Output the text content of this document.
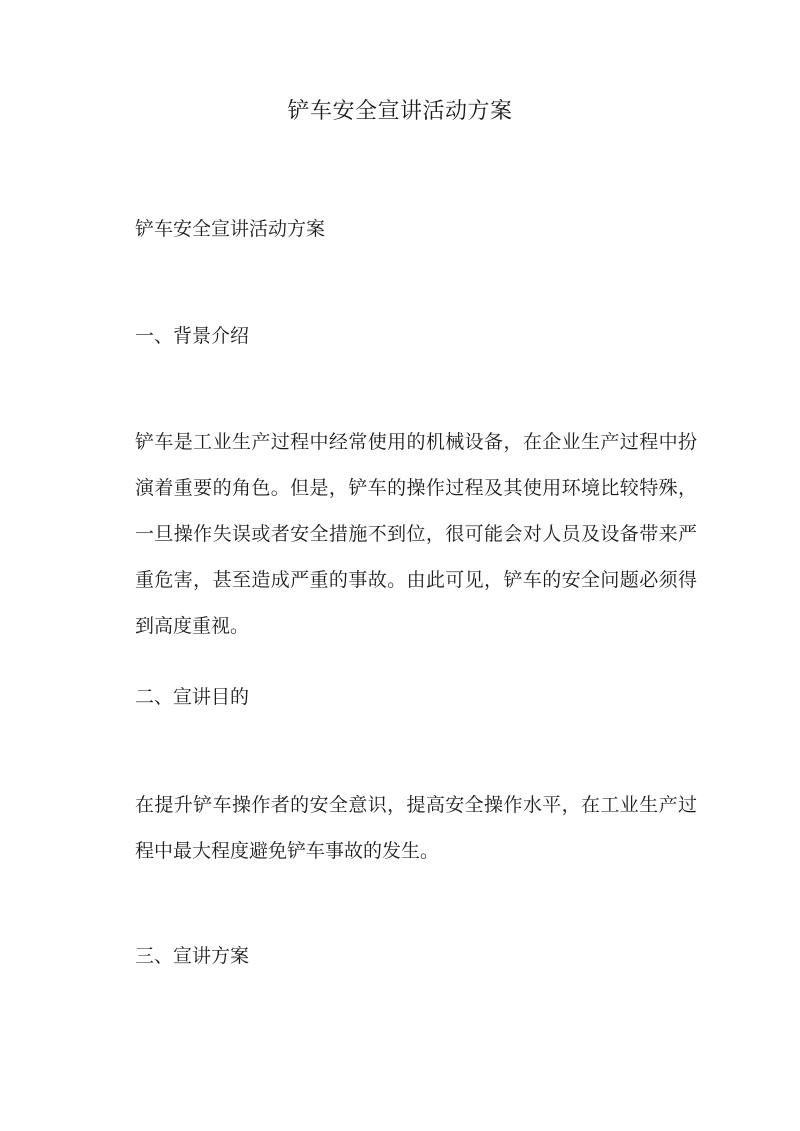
铲车安全宣讲活动方案
铲车安全宣讲活动方案
一、背景介绍
铲车是工业生产过程中经常使用的机械设备，在企业生产过程中扮演着重要的角色。但是，铲车的操作过程及其使用环境比较特殊，一旦操作失误或者安全措施不到位，很可能会对人员及设备带来严重危害，甚至造成严重的事故。由此可见，铲车的安全问题必须得到高度重视。
二、宣讲目的
在提升铲车操作者的安全意识，提高安全操作水平，在工业生产过程中最大程度避免铲车事故的发生。
三、宣讲方案
